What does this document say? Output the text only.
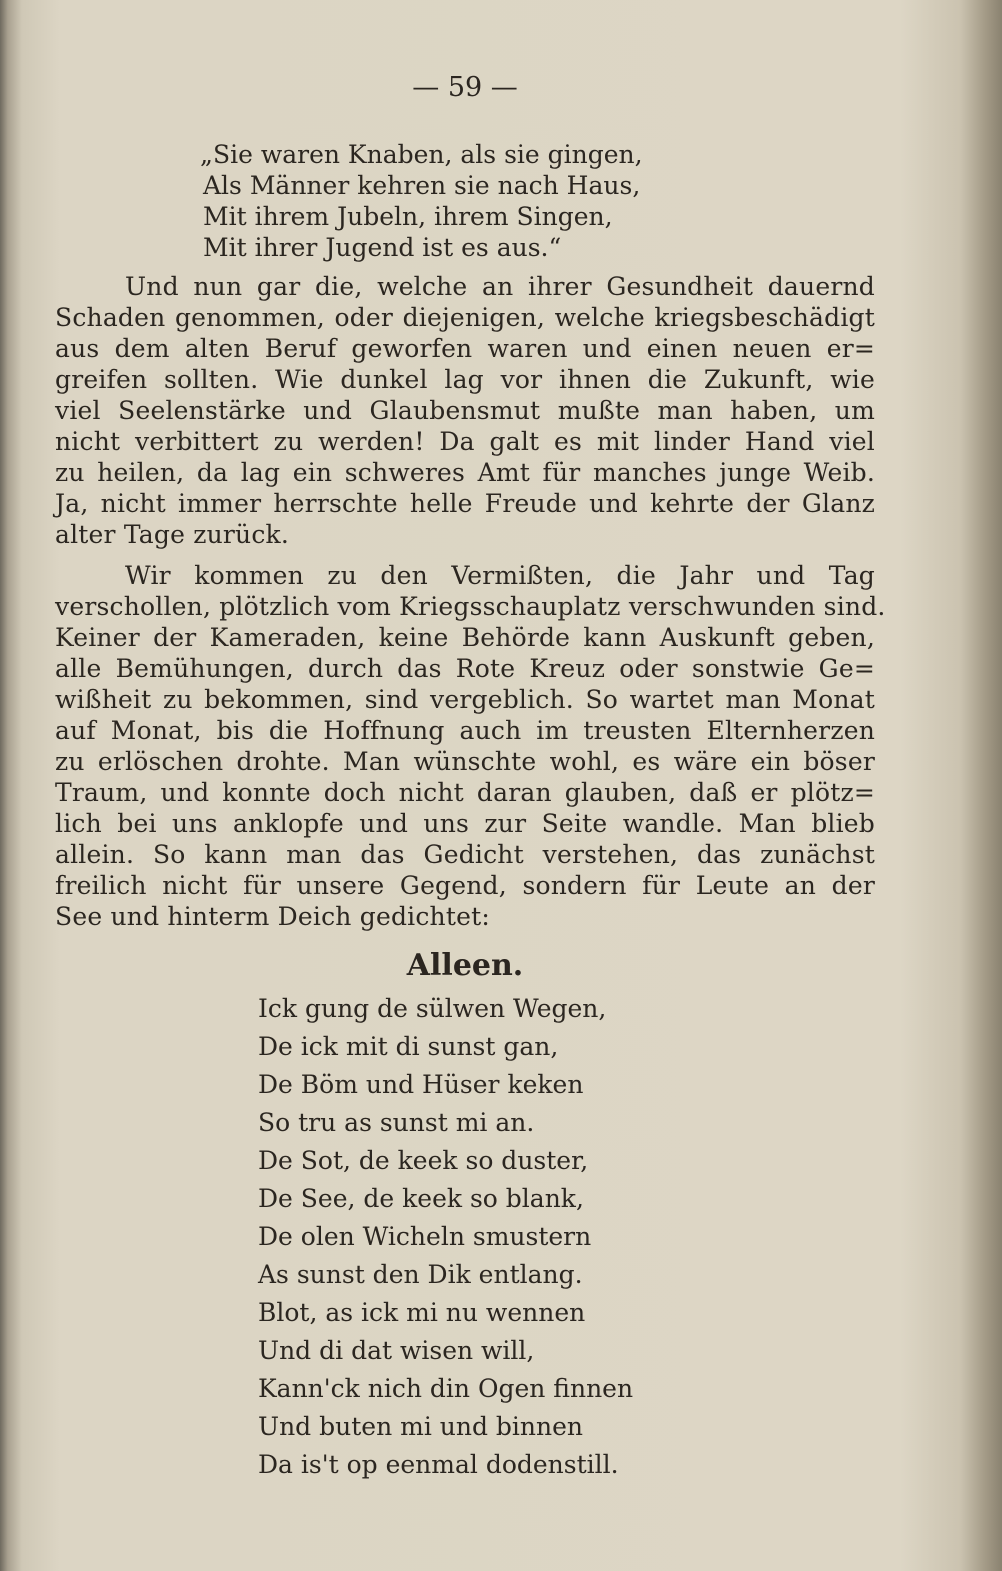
— 59 —
„Sie waren Knaben, als sie gingen,
Als Männer kehren sie nach Haus,
Mit ihrem Jubeln, ihrem Singen,
Mit ihrer Jugend ist es aus.“
Und nun gar die, welche an ihrer Gesundheit dauernd
Schaden genommen, oder diejenigen, welche kriegsbeschädigt
aus dem alten Beruf geworfen waren und einen neuen er=
greifen sollten. Wie dunkel lag vor ihnen die Zukunft, wie
viel Seelenstärke und Glaubensmut mußte man haben, um
nicht verbittert zu werden! Da galt es mit linder Hand viel
zu heilen, da lag ein schweres Amt für manches junge Weib.
Ja, nicht immer herrschte helle Freude und kehrte der Glanz
alter Tage zurück.
Wir kommen zu den Vermißten, die Jahr und Tag
verschollen, plötzlich vom Kriegsschauplatz verschwunden sind.
Keiner der Kameraden, keine Behörde kann Auskunft geben,
alle Bemühungen, durch das Rote Kreuz oder sonstwie Ge=
wißheit zu bekommen, sind vergeblich. So wartet man Monat
auf Monat, bis die Hoffnung auch im treusten Elternherzen
zu erlöschen drohte. Man wünschte wohl, es wäre ein böser
Traum, und konnte doch nicht daran glauben, daß er plötz=
lich bei uns anklopfe und uns zur Seite wandle. Man blieb
allein. So kann man das Gedicht verstehen, das zunächst
freilich nicht für unsere Gegend, sondern für Leute an der
See und hinterm Deich gedichtet:
Alleen.
Ick gung de sülwen Wegen,
De ick mit di sunst gan,
De Böm und Hüser keken
So tru as sunst mi an.
De Sot, de keek so duster,
De See, de keek so blank,
De olen Wicheln smustern
As sunst den Dik entlang.
Blot, as ick mi nu wennen
Und di dat wisen will,
Kann'ck nich din Ogen finnen
Und buten mi und binnen
Da is't op eenmal dodenstill.
